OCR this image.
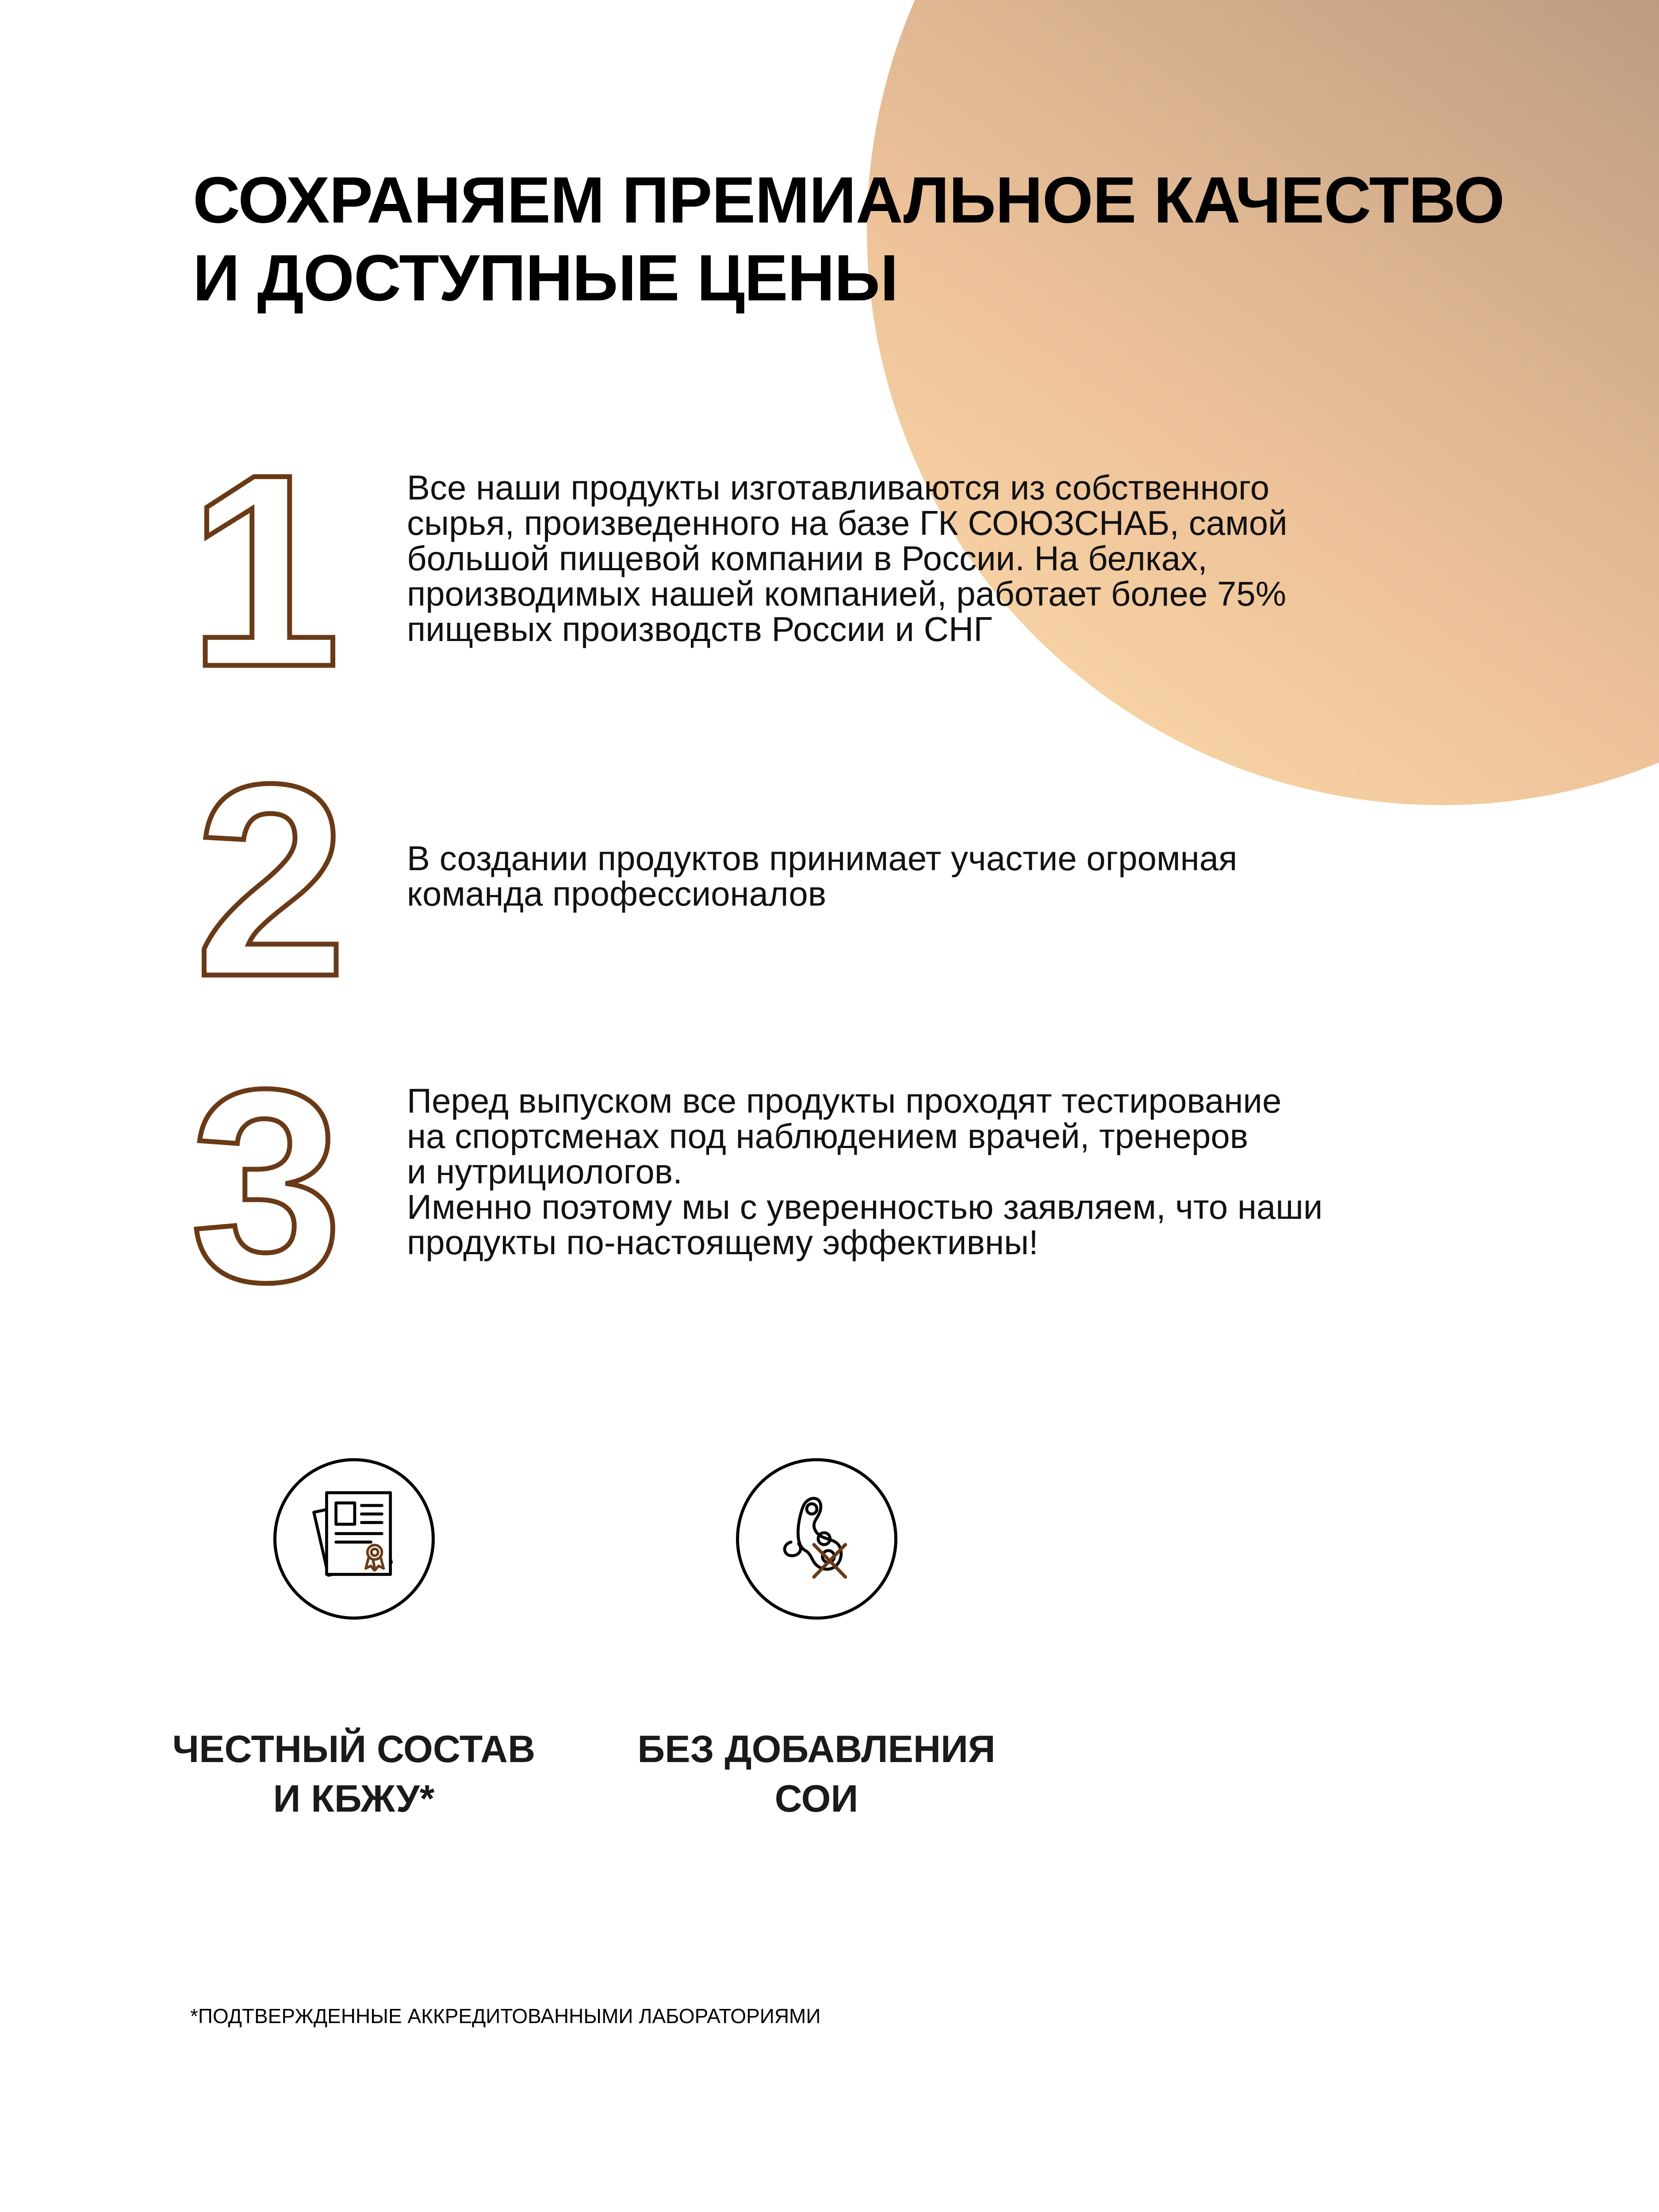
СОХРАНЯЕМ ПРЕМИАЛЬНОЕ КАЧЕСТВО
И ДОСТУПНЫЕ ЦЕНЫ
1 Все наши продукты изготавливаются из собственного
сырья, произведенного на базе ГК СОЮЗСНАБ, самой
большой пищевой компании в России. На белках,
производимых нашей компанией, работает более 75%
пищевых производств России и СНГ
2 В создании продуктов принимает участие огромная
команда профессионалов
3 Перед выпуском все продукты проходят тестирование
на спортсменах под наблюдением врачей, тренеров
и нутрициологов.
Именно поэтому мы с уверенностью заявляем, что наши
продукты по-настоящему эффективны!

ЧЕСТНЫЙ СОСТАВ
И КБЖУ*

БЕЗ ДОБАВЛЕНИЯ
СОИ

*ПОДТВЕРЖДЕННЫЕ АККРЕДИТОВАННЫМИ ЛАБОРАТОРИЯМИ
